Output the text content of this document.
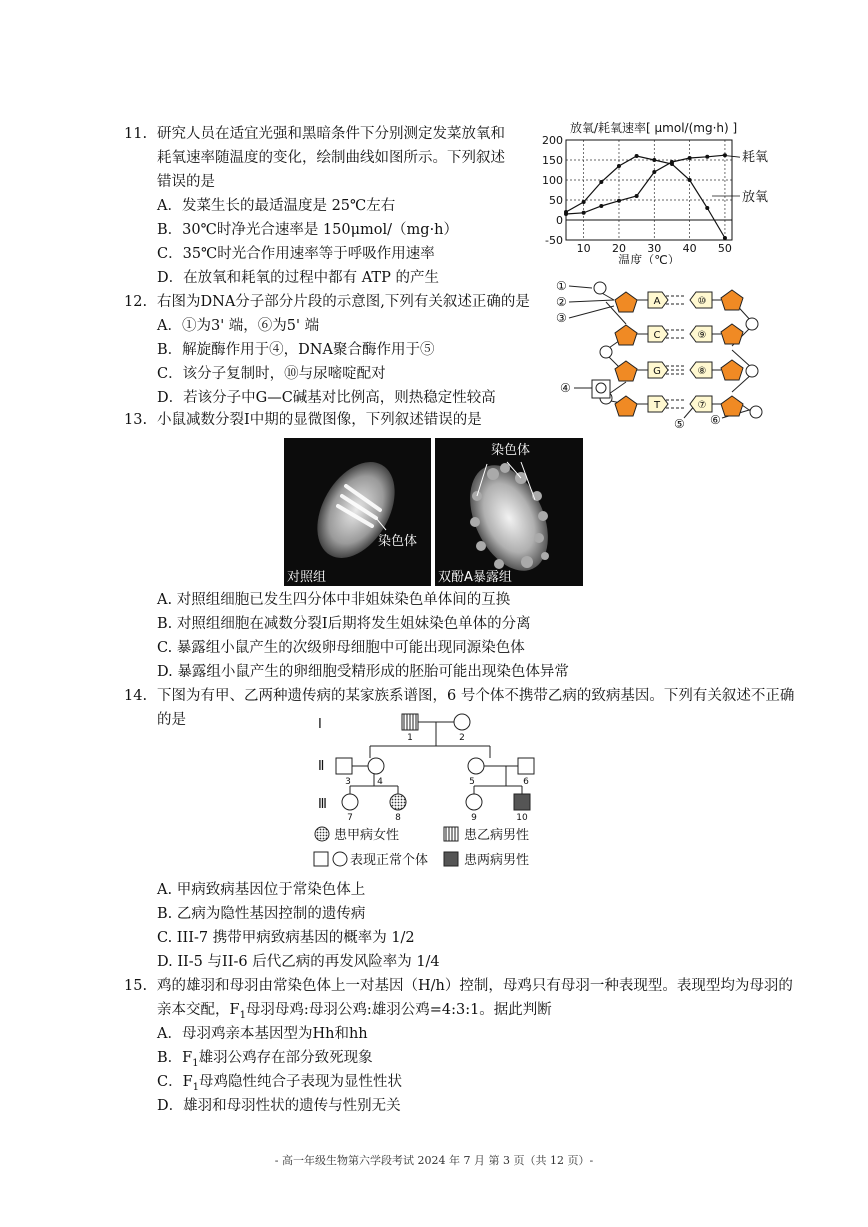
11. 研究人员在适宜光强和黑暗条件下分别测定发菜放氧和
耗氧速率随温度的变化，绘制曲线如图所示。下列叙述
错误的是
A．发菜生长的最适温度是 25℃左右
B．30℃时净光合速率是 150μmol/（mg·h）
C．35℃时光合作用速率等于呼吸作用速率
D．在放氧和耗氧的过程中都有 ATP 的产生
放氧/耗氧速率[ μmol/(mg·h) ]
-50
0
50
100
150
200
10 20 30 40 50
耗氧
放氧
温度（℃）
12. 右图为DNA分子部分片段的示意图,下列有关叙述正确的是
A．①为3' 端，⑥为5' 端
B．解旋酶作用于④，DNA聚合酶作用于⑤
C．该分子复制时，⑩与尿嘧啶配对
D．若该分子中G—C碱基对比例高，则热稳定性较高
A
C
G
T
⑩
⑨
⑧
⑦
①
②
③
④
⑤ ⑥
13. 小鼠减数分裂Ⅰ中期的显微图像，下列叙述错误的是
染色体
对照组
染色体
双酚A暴露组
A. 对照组细胞已发生四分体中非姐妹染色单体间的互换
B. 对照组细胞在减数分裂Ⅰ后期将发生姐妹染色单体的分离
C. 暴露组小鼠产生的次级卵母细胞中可能出现同源染色体
D. 暴露组小鼠产生的卵细胞受精形成的胚胎可能出现染色体异常
14. 下图为有甲、乙两种遗传病的某家族系谱图，6 号个体不携带乙病的致病基因。下列有关叙述不正确
的是	Ⅰ
Ⅱ
Ⅲ
1	2
3	4	5	6
7	8	9	10
患甲病女性	患乙病男性
表现正常个体	患两病男性
A. 甲病致病基因位于常染色体上
B. 乙病为隐性基因控制的遗传病
C. III-7 携带甲病致病基因的概率为 1/2
D. II-5 与II-6 后代乙病的再发风险率为 1/4
15. 鸡的雄羽和母羽由常染色体上一对基因（H/h）控制，母鸡只有母羽一种表现型。表现型均为母羽的
亲本交配，$F_1$母羽母鸡:母羽公鸡:雄羽公鸡=4:3:1。据此判断
A．母羽鸡亲本基因型为Hh和hh
B．$F_1$雄羽公鸡存在部分致死现象
C．$F_1$母鸡隐性纯合子表现为显性性状
D．雄羽和母羽性状的遗传与性别无关
- 高一年级生物第六学段考试 2024 年 7 月 第 3 页（共 12 页）-
